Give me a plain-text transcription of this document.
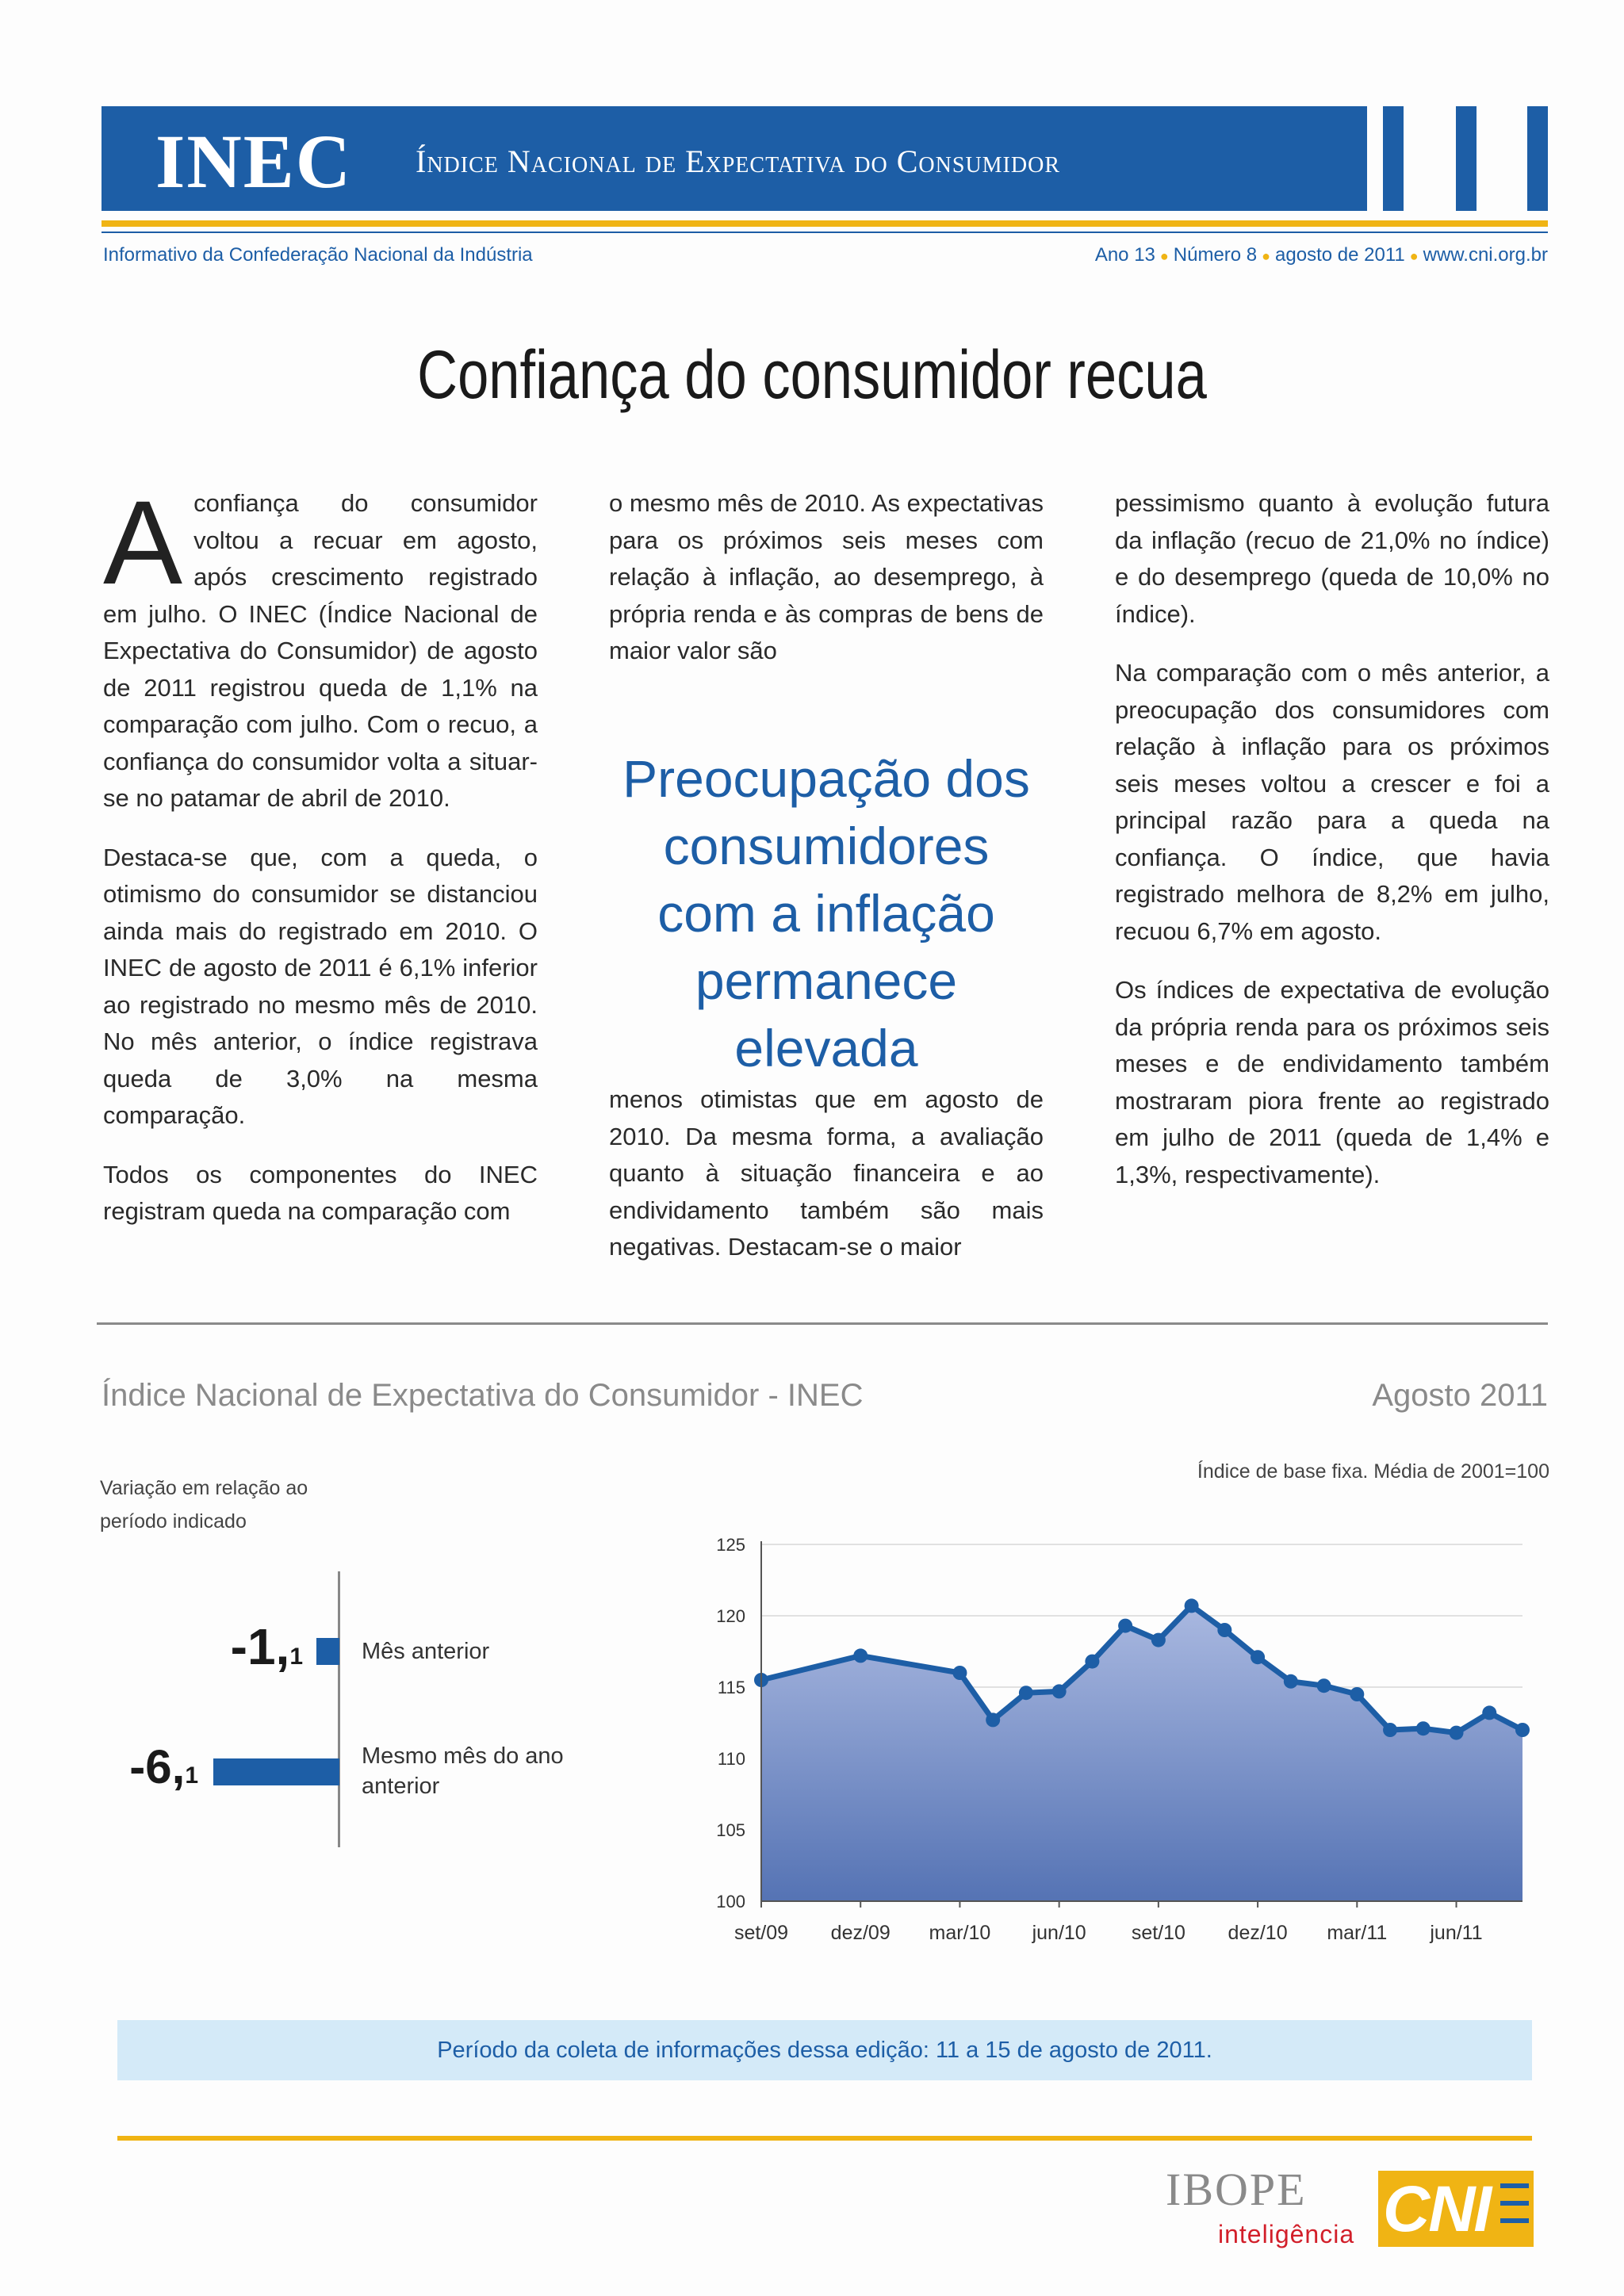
INEC Índice Nacional de Expectativa do Consumidor
Informativo da Confederação Nacional da Indústria	Ano 13 ● Número 8 ● agosto de 2011 ● www.cni.org.br
Confiança do consumidor recua

Aconfiança do consumidor voltou a recuar em agosto, após crescimento registrado em julho. O INEC (Índice Nacional de Expectativa do Consumidor) de agosto de 2011 registrou queda de 1,1% na comparação com julho. Com o recuo, a confiança do consumidor volta a situar-se no patamar de abril de 2010.

Destaca-se que, com a queda, o otimismo do consumidor se distanciou ainda mais do registrado em 2010. O INEC de agosto de 2011 é 6,1% inferior ao registrado no mesmo mês de 2010. No mês anterior, o índice registrava queda de 3,0% na mesma comparação.

Todos os componentes do INEC registram queda na comparação com

o mesmo mês de 2010. As expectativas para os próximos seis meses com relação à inflação, ao desemprego, à própria renda e às compras de bens de maior valor são

Preocupação dos consumidores com a inflação permanece elevada
menos otimistas que em agosto de 2010. Da mesma forma, a avaliação quanto à situação financeira e ao endividamento também são mais negativas. Destacam-se o maior

pessimismo quanto à evolução futura da inflação (recuo de 21,0% no índice) e do desemprego (queda de 10,0% no índice).

Na comparação com o mês anterior, a preocupação dos consumidores com relação à inflação para os próximos seis meses voltou a crescer e foi a principal razão para a queda na confiança. O índice, que havia registrado melhora de 8,2% em julho, recuou 6,7% em agosto.

Os índices de expectativa de evolução da própria renda para os próximos seis meses e de endividamento também mostraram piora frente ao registrado em julho de 2011 (queda de 1,4% e 1,3%, respectivamente).

Índice Nacional de Expectativa do Consumidor - INEC	Agosto 2011
Variação em relação ao período indicado
-1,1	Mês anterior
-6,1
Mesmo mês do ano anterior
Índice de base fixa. Média de 2001=100
100
105
110
115
120
125
set/09 dez/09 mar/10 jun/10 set/10 dez/10 mar/11 jun/11
Período da coleta de informações dessa edição: 11 a 15 de agosto de 2011.
IBOPE
inteligência CNI
